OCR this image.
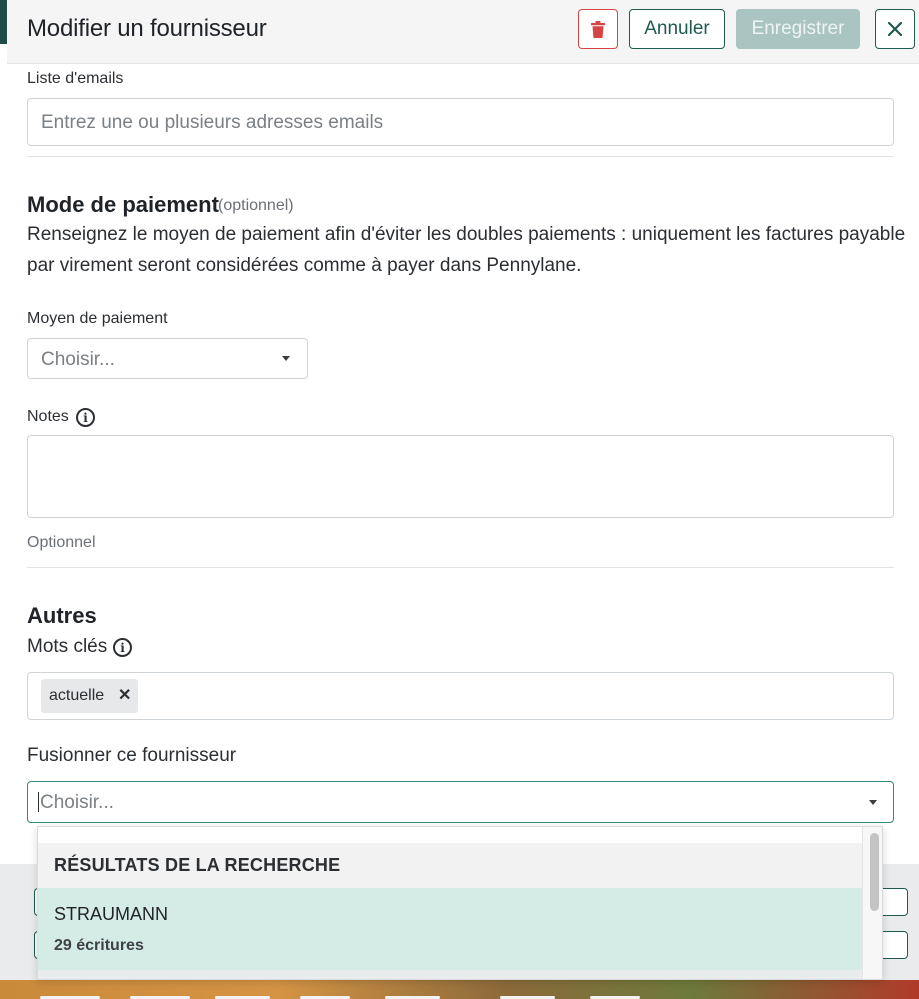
Modifier un fournisseur	Annuler	Enregistrer
Liste d'emails
Entrez une ou plusieurs adresses emails
Mode de paiement (optionnel)
Renseignez le moyen de paiement afin d'éviter les doubles paiements : uniquement les factures payable par virement seront considérées comme à payer dans Pennylane.
Moyen de paiement
Choisir...
Notes	i
Optionnel
Autres
Mots clés	i
actuelle ✕
Fusionner ce fournisseur
Choisir...
RÉSULTATS DE LA RECHERCHE
STRAUMANN
29 écritures
